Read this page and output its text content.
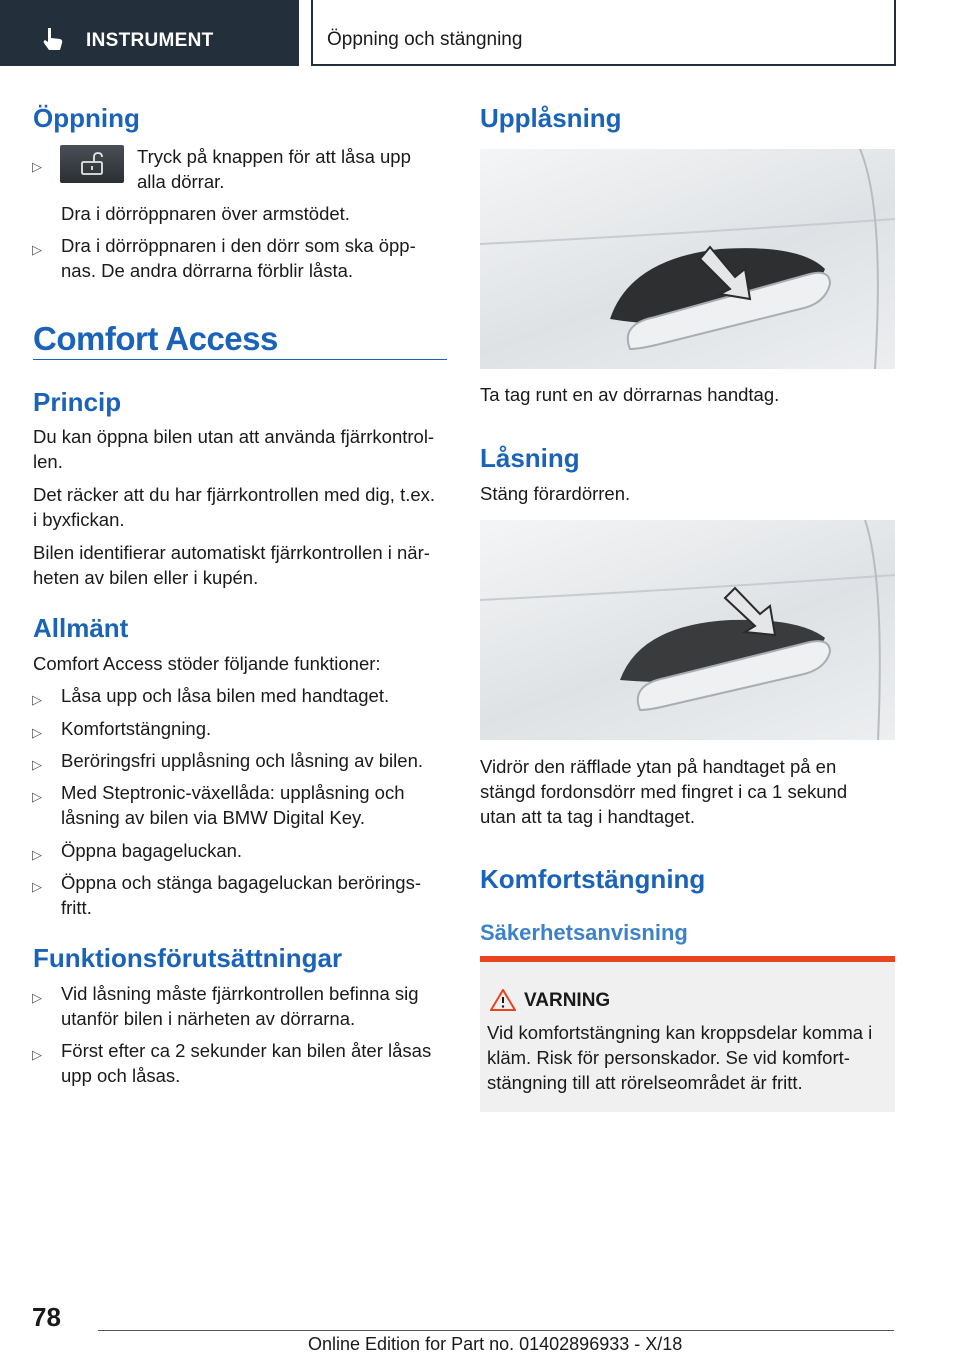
INSTRUMENT	Öppning och stängning
Öppning
▷	Tryck på knappen för att låsa upp
alla dörrar.
Dra i dörröppnaren över armstödet.
▷ Dra i dörröppnaren i den dörr som ska öpp-
nas. De andra dörrarna förblir låsta.
Comfort Access
Princip
Du kan öppna bilen utan att använda fjärrkontrol-
len.
Det räcker att du har fjärrkontrollen med dig, t.ex.
i byxfickan.
Bilen identifierar automatiskt fjärrkontrollen i när-
heten av bilen eller i kupén.
Allmänt
Comfort Access stöder följande funktioner:
▷ Låsa upp och låsa bilen med handtaget.
▷ Komfortstängning.
▷ Beröringsfri upplåsning och låsning av bilen.
▷ Med Steptronic-växellåda: upplåsning och
låsning av bilen via BMW Digital Key.
▷ Öppna bagageluckan.
▷ Öppna och stänga bagageluckan berörings-
fritt.
Funktionsförutsättningar
▷ Vid låsning måste fjärrkontrollen befinna sig
utanför bilen i närheten av dörrarna.
▷ Först efter ca 2 sekunder kan bilen åter låsas
upp och låsas.
Upplåsning
Ta tag runt en av dörrarnas handtag.
Låsning
Stäng förardörren.
Vidrör den räfflade ytan på handtaget på en
stängd fordonsdörr med fingret i ca 1 sekund
utan att ta tag i handtaget.
Komfortstängning
Säkerhetsanvisning
VARNING
Vid komfortstängning kan kroppsdelar komma i
kläm. Risk för personskador. Se vid komfort-
stängning till att rörelseområdet är fritt.
78
Online Edition for Part no. 01402896933 - X/18
